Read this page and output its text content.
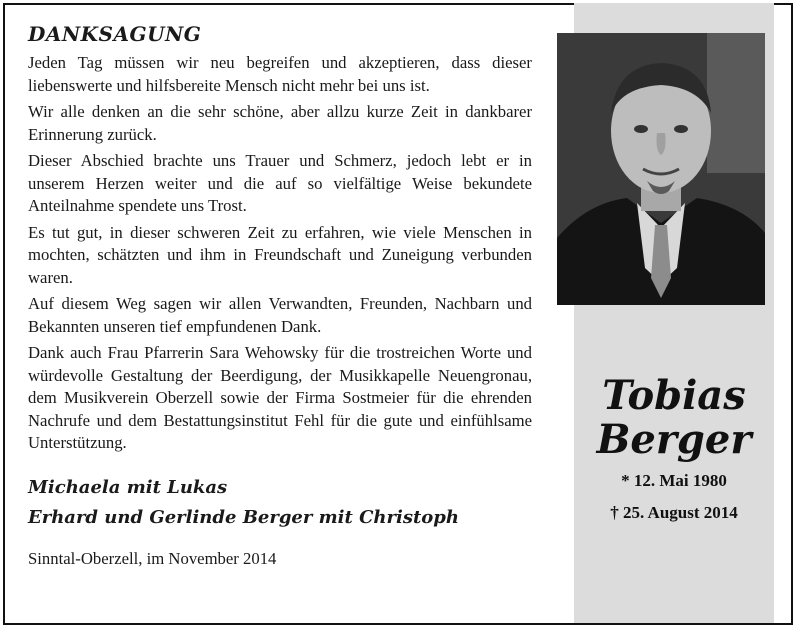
DANKSAGUNG

Jeden Tag müssen wir neu begreifen und akzeptieren, dass dieser liebenswerte und hilfsbereite Mensch nicht mehr bei uns ist.

Wir alle denken an die sehr schöne, aber allzu kurze Zeit in dankbarer Erinnerung zurück.

Dieser Abschied brachte uns Trauer und Schmerz, jedoch lebt er in unserem Herzen weiter und die auf so vielfältige Weise bekundete Anteilnahme spendete uns Trost.

Es tut gut, in dieser schweren Zeit zu erfahren, wie viele Menschen in mochten, schätzten und ihm in Freundschaft und Zuneigung verbunden waren.

Auf diesem Weg sagen wir allen Verwandten, Freunden, Nachbarn und Bekannten unseren tief empfundenen Dank.

Dank auch Frau Pfarrerin Sara Wehowsky für die trostreichen Worte und würdevolle Gestaltung der Beerdigung, der Musikkapelle Neuengronau, dem Musikverein Oberzell sowie der Firma Sostmeier für die ehrenden Nachrufe und dem Bestattungsinstitut Fehl für die gute und einfühlsame Unterstützung.

Michaela mit Lukas
Erhard und Gerlinde Berger mit Christoph
Sinntal-Oberzell, im November 2014
Tobias
Berger
* 12. Mai 1980
† 25. August 2014
